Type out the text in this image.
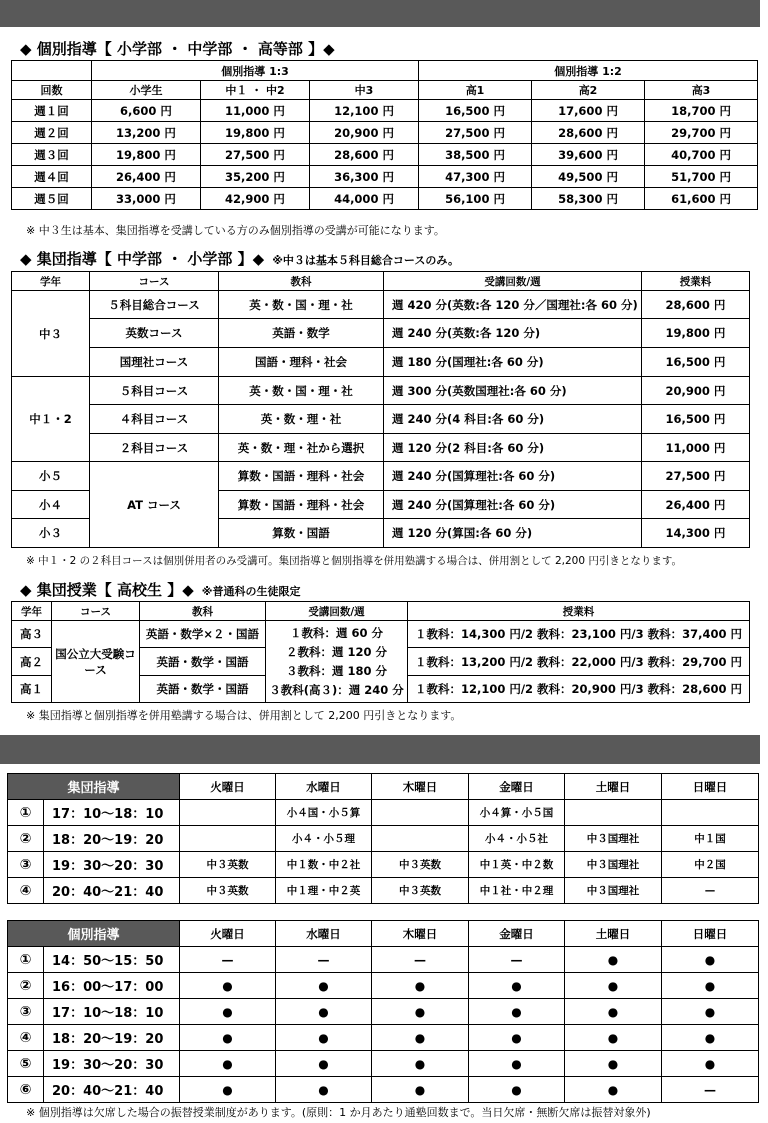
◆ 個別指導【 小学部 ・ 中学部 ・ 高等部 】◆
	個別指導 1:3			個別指導 1:2		
回数	小学生	中１ ・ 中2	中3	高1	高2	高3
週１回	6,600 円	11,000 円	12,100 円	16,500 円	17,600 円	18,700 円
週２回	13,200 円	19,800 円	20,900 円	27,500 円	28,600 円	29,700 円
週３回	19,800 円	27,500 円	28,600 円	38,500 円	39,600 円	40,700 円
週４回	26,400 円	35,200 円	36,300 円	47,300 円	49,500 円	51,700 円
週５回	33,000 円	42,900 円	44,000 円	56,100 円	58,300 円	61,600 円
※ 中３生は基本、集団指導を受講している方のみ個別指導の受講が可能になります。
◆ 集団指導【 中学部 ・ 小学部 】◆ ※中３は基本５科目総合コースのみ。
学年	コース	教科	受講回数/週	授業料
中３	５科目総合コース	英・数・国・理・社	週 420 分(英数:各 120 分／国理社:各 60 分)	28,600 円
	英数コース	英語・数学	週 240 分(英数:各 120 分)	19,800 円
	国理社コース	国語・理科・社会	週 180 分(国理社:各 60 分)	16,500 円
中１・2	５科目コース	英・数・国・理・社	週 300 分(英数国理社:各 60 分)	20,900 円
	４科目コース	英・数・理・社	週 240 分(4 科目:各 60 分)	16,500 円
	２科目コース	英・数・理・社から選択	週 120 分(2 科目:各 60 分)	11,000 円
小５	AT コース	算数・国語・理科・社会	週 240 分(国算理社:各 60 分)	27,500 円
小４		算数・国語・理科・社会	週 240 分(国算理社:各 60 分)	26,400 円
小３		算数・国語	週 120 分(算国:各 60 分)	14,300 円
※ 中１・2 の２科目コースは個別併用者のみ受講可。集団指導と個別指導を併用塾講する場合は、併用割として 2,200 円引きとなります。
◆ 集団授業【 高校生 】◆ ※普通科の生徒限定
学年	コース	教科	受講回数/週	授業料
高３	国公立大受験コース	英語・数学×２・国語	１教科：週 60 分
２教科：週 120 分
３教科：週 180 分
３教科(高３)：週 240 分	１教科：14,300 円/2 教科：23,100 円/3 教科：37,400 円
高２		英語・数学・国語		１教科：13,200 円/2 教科：22,000 円/3 教科：29,700 円
高１		英語・数学・国語		１教科：12,100 円/2 教科：20,900 円/3 教科：28,600 円
※ 集団指導と個別指導を併用塾講する場合は、併用割として 2,200 円引きとなります。
集団指導		火曜日	水曜日	木曜日	金曜日	土曜日	日曜日
①	17：10〜18：10		小４国・小５算		小４算・小５国		
②	18：20〜19：20		小４・小５理		小４・小５社	中３国理社	中１国
③	19：30〜20：30	中３英数	中１数・中２社	中３英数	中１英・中２数	中３国理社	中２国
④	20：40〜21：40	中３英数	中１理・中２英	中３英数	中１社・中２理	中３国理社	—
個別指導		火曜日	水曜日	木曜日	金曜日	土曜日	日曜日
①	14：50〜15：50	—	—	—	—	●	●
②	16：00〜17：00	●	●	●	●	●	●
③	17：10〜18：10	●	●	●	●	●	●
④	18：20〜19：20	●	●	●	●	●	●
⑤	19：30〜20：30	●	●	●	●	●	●
⑥	20：40〜21：40	●	●	●	●	●	—
※ 個別指導は欠席した場合の振替授業制度があります。(原則：1 か月あたり通塾回数まで。当日欠席・無断欠席は振替対象外)
